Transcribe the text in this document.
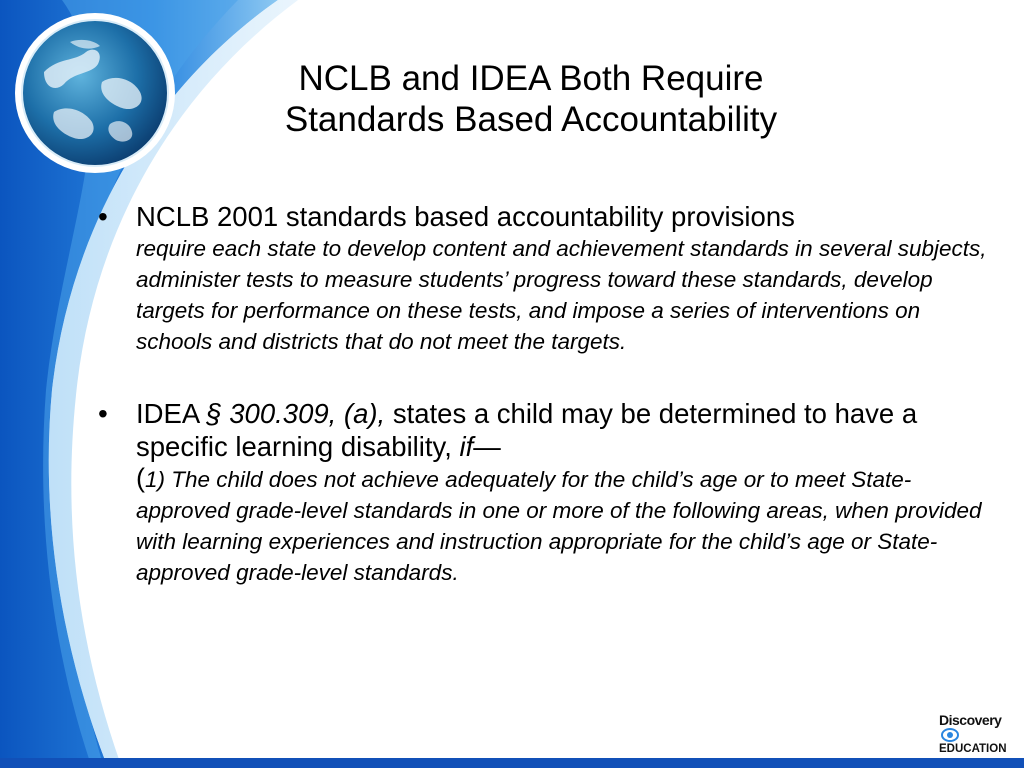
NCLB and IDEA Both Require
Standards Based Accountability
• NCLB 2001 standards based accountability provisions
require each state to develop content and achievement standards in several subjects, administer tests to measure students’ progress toward these standards, develop targets for performance on these tests, and impose a series of interventions on schools and districts that do not meet the targets.
• IDEA § 300.309, (a), states a child may be determined to have a specific learning disability, if—
(1) The child does not achieve adequately for the child’s age or to meet State-approved grade-level standards in one or more of the following areas, when provided with learning experiences and instruction appropriate for the child’s age or State-approved grade-level standards.
Discovery
EDUCATION
